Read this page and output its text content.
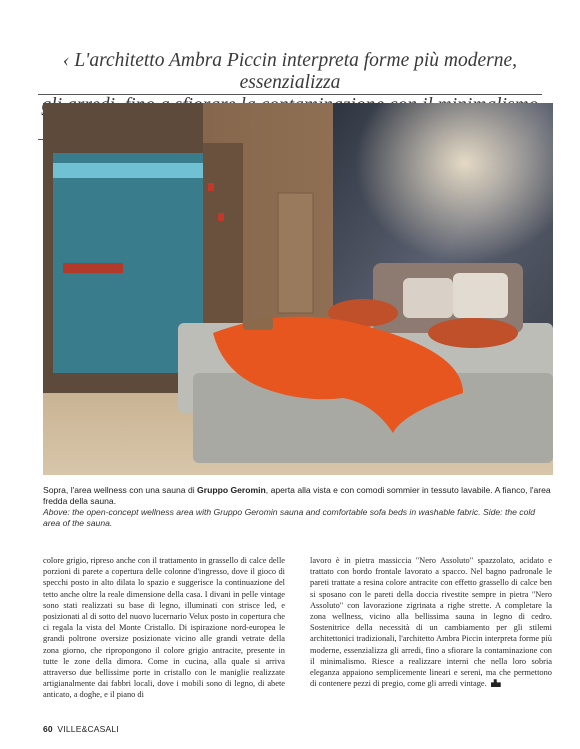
‹ L'architetto Ambra Piccin interpreta forme più moderne, essenzializza
Sopra, l'area wellness con una sauna di Gruppo Geromin, aperta alla vista e con comodi sommier in tessuto lavabile. A fianco, l'area fredda della sauna.
Above: the open-concept wellness area with Gruppo Geromin sauna and comfortable sofa beds in washable fabric. Side: the cold area of the sauna.
colore grigio, ripreso anche con il trattamento in grassello di calce delle porzioni di parete a copertura delle colonne d'ingresso, dove il gioco di specchi posto in alto dilata lo spazio e suggerisce la continuazione del tetto anche oltre la reale dimensione della casa. I divani in pelle vintage sono stati realizzati su base di legno, illuminati con strisce led, e posizionati al di sotto del nuovo lucernario Velux posto in copertura che ci regala la vista del Monte Cristallo. Di ispirazione nord-europea le grandi poltrone oversize posizionate vicino alle grandi vetrate della zona giorno, che ripropongono il colore grigio antracite, presente in tutte le zone della dimora. Come in cucina, alla quale si arriva attraverso due bellissime porte in cristallo con le maniglie realizzate artigianalmente dai fabbri locali, dove i mobili sono di legno, di abete anticato, a doghe, e il piano di
lavoro è in pietra massiccia "Nero Assoluto" spazzolato, acidato e trattato con bordo frontale lavorato a spacco. Nel bagno padronale le pareti trattate a resina colore antracite con effetto grassello di calce ben si sposano con le pareti della doccia rivestite sempre in pietra "Nero Assoluto" con lavorazione zigrinata a righe strette. A completare la zona wellness, vicino alla bellissima sauna in legno di cedro. Sostenitrice della necessità di un cambiamento per gli stilemi architettonici tradizionali, l'architetto Ambra Piccin interpreta forme più moderne, essenzializza gli arredi, fino a sfiorare la contaminazione con il minimalismo. Riesce a realizzare interni che nella loro sobria eleganza appaiono semplicemente lineari e sereni, ma che permettono di contenere pezzi di pregio, come gli arredi vintage.
60 VILLE&CASALI
